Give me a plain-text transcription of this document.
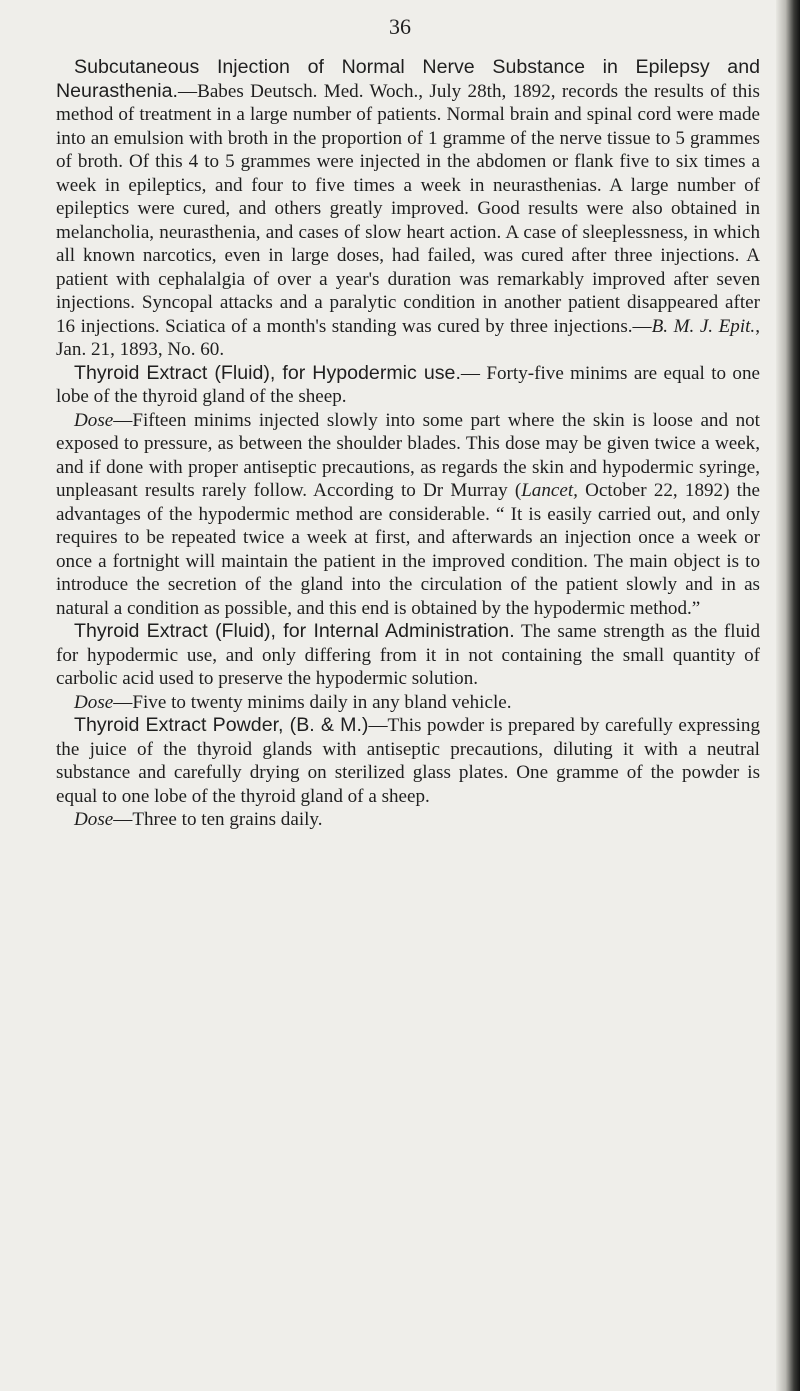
36

Subcutaneous Injection of Normal Nerve Substance in Epilepsy and Neurasthenia.—Babes Deutsch. Med. Woch., July 28th, 1892, records the results of this method of treatment in a large number of patients. Normal brain and spinal cord were made into an emulsion with broth in the proportion of 1 gramme of the nerve tissue to 5 grammes of broth. Of this 4 to 5 grammes were injected in the abdomen or flank five to six times a week in epileptics, and four to five times a week in neurasthenias. A large number of epileptics were cured, and others greatly improved. Good results were also obtained in melancholia, neurasthenia, and cases of slow heart action. A case of sleeplessness, in which all known narcotics, even in large doses, had failed, was cured after three injections. A patient with cephalalgia of over a year's duration was remarkably improved after seven injections. Syncopal attacks and a paralytic condition in another patient disappeared after 16 injections. Sciatica of a month's standing was cured by three injections.—B. M. J. Epit., Jan. 21, 1893, No. 60.

Thyroid Extract (Fluid), for Hypodermic use.— Forty-five minims are equal to one lobe of the thyroid gland of the sheep.

Dose—Fifteen minims injected slowly into some part where the skin is loose and not exposed to pressure, as between the shoulder blades. This dose may be given twice a week, and if done with proper antiseptic precautions, as regards the skin and hypodermic syringe, unpleasant results rarely follow. According to Dr Murray (Lancet, October 22, 1892) the advantages of the hypodermic method are considerable. “ It is easily carried out, and only requires to be repeated twice a week at first, and afterwards an injection once a week or once a fortnight will maintain the patient in the improved condition. The main object is to introduce the secretion of the gland into the circulation of the patient slowly and in as natural a condition as possible, and this end is obtained by the hypodermic method.”

Thyroid Extract (Fluid), for Internal Administration. The same strength as the fluid for hypodermic use, and only differing from it in not containing the small quantity of carbolic acid used to preserve the hypodermic solution.

Dose—Five to twenty minims daily in any bland vehicle.

Thyroid Extract Powder, (B. & M.)—This powder is prepared by carefully expressing the juice of the thyroid glands with antiseptic precautions, diluting it with a neutral substance and carefully drying on sterilized glass plates. One gramme of the powder is equal to one lobe of the thyroid gland of a sheep.

Dose—Three to ten grains daily.
